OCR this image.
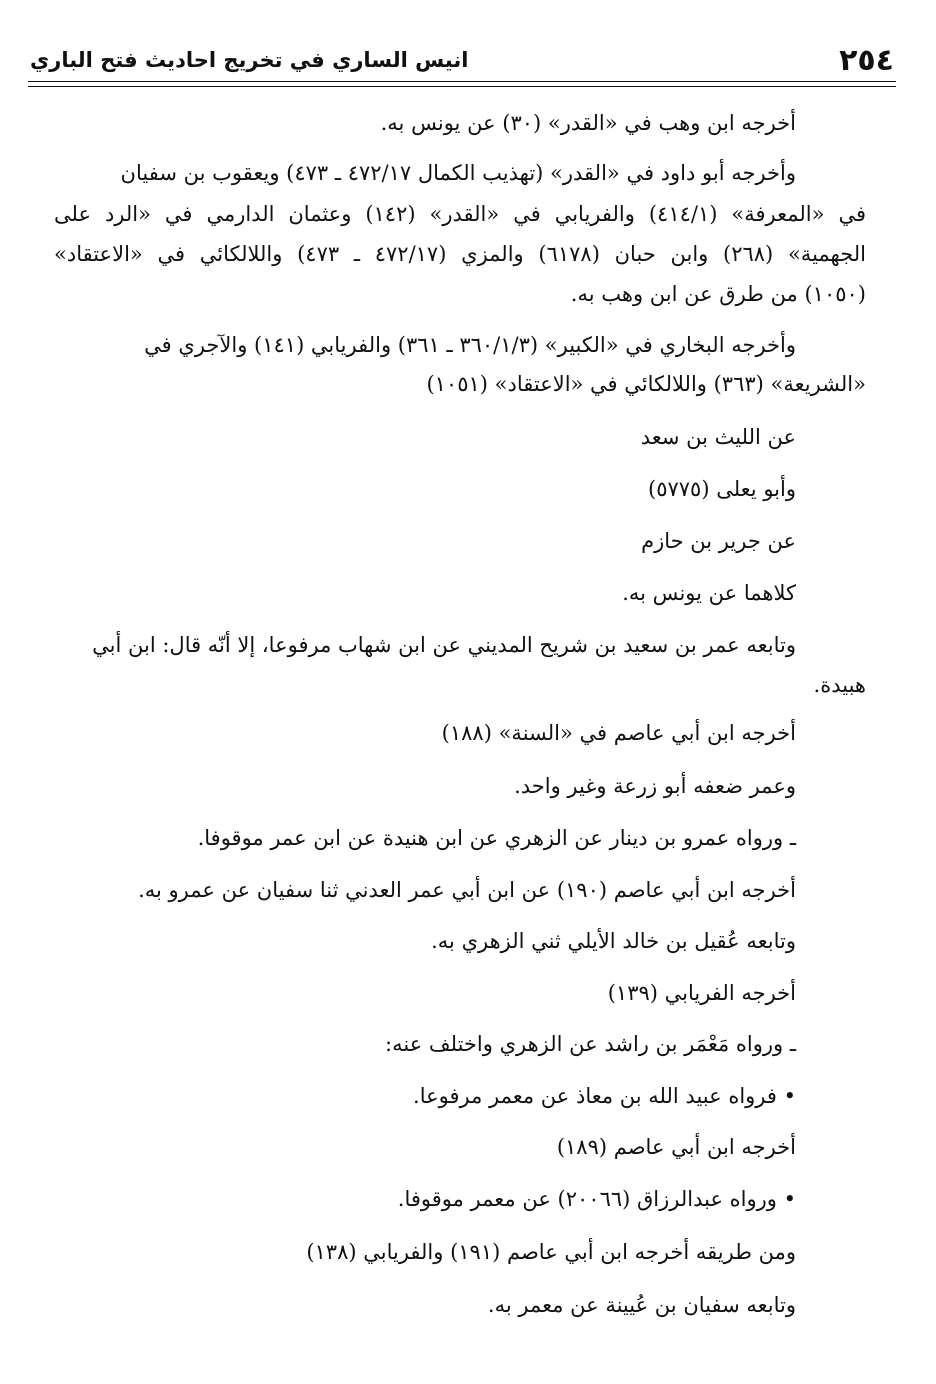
٢٥٤
انيس الساري في تخريج احاديث فتح الباري
أخرجه ابن وهب في «القدر» (٣٠) عن يونس به.
وأخرجه أبو داود في «القدر» (تهذيب الكمال ٤٧٢/١٧ ـ ٤٧٣) ويعقوب بن سفيان
في «المعرفة» (٤١٤/١) والفريابي في «القدر» (١٤٢) وعثمان الدارمي في «الرد على
الجهمية» (٢٦٨) وابن حبان (٦١٧٨) والمزي (٤٧٢/١٧ ـ ٤٧٣) واللالكائي في «الاعتقاد»
(١٠٥٠) من طرق عن ابن وهب به.
وأخرجه البخاري في «الكبير» (٣٦٠/١/٣ ـ ٣٦١) والفريابي (١٤١) والآجري في
«الشريعة» (٣٦٣) واللالكائي في «الاعتقاد» (١٠٥١)
عن الليث بن سعد
وأبو يعلى (٥٧٧٥)
عن جرير بن حازم
كلاهما عن يونس به.
وتابعه عمر بن سعيد بن شريح المديني عن ابن شهاب مرفوعا، إلا أنّه قال: ابن أبي
هبيدة.
أخرجه ابن أبي عاصم في «السنة» (١٨٨)
وعمر ضعفه أبو زرعة وغير واحد.
ـ ورواه عمرو بن دينار عن الزهري عن ابن هنيدة عن ابن عمر موقوفا.
أخرجه ابن أبي عاصم (١٩٠) عن ابن أبي عمر العدني ثنا سفيان عن عمرو به.
وتابعه عُقيل بن خالد الأيلي ثني الزهري به.
أخرجه الفريابي (١٣٩)
ـ ورواه مَعْمَر بن راشد عن الزهري واختلف عنه:
• فرواه عبيد الله بن معاذ عن معمر مرفوعا.
أخرجه ابن أبي عاصم (١٨٩)
• ورواه عبدالرزاق (٢٠٠٦٦) عن معمر موقوفا.
ومن طريقه أخرجه ابن أبي عاصم (١٩١) والفريابي (١٣٨)
وتابعه سفيان بن عُيينة عن معمر به.
